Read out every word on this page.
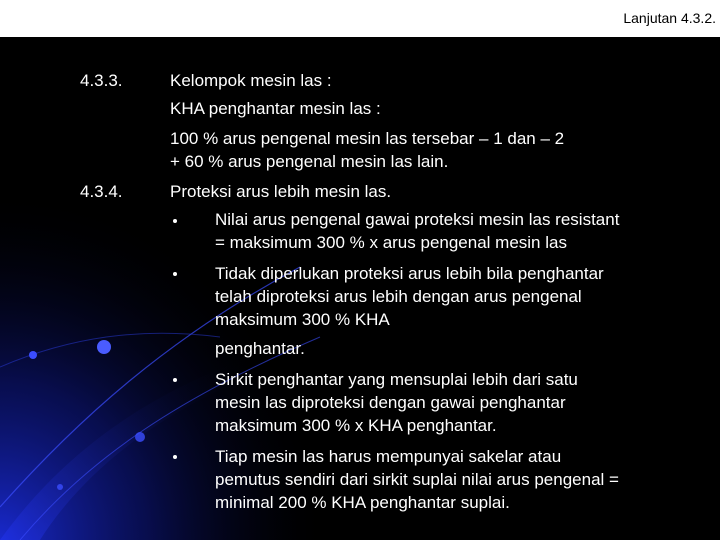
Lanjutan 4.3.2.
4.3.3.	Kelompok mesin las :
KHA penghantar mesin las :
100 % arus pengenal mesin las tersebar – 1 dan – 2
+ 60 % arus pengenal mesin las lain.
4.3.4.	Proteksi arus lebih mesin las.
Nilai arus pengenal gawai proteksi mesin las resistant
= maksimum 300 % x arus pengenal mesin las
Tidak diperlukan proteksi arus lebih bila penghantar
telah diproteksi arus lebih dengan arus pengenal
maksimum 300 % KHA
penghantar.
Sirkit penghantar yang mensuplai lebih dari satu
mesin las diproteksi dengan gawai penghantar
maksimum 300 % x KHA penghantar.
Tiap mesin las harus mempunyai sakelar atau
pemutus sendiri dari sirkit suplai nilai arus pengenal =
minimal 200 % KHA penghantar suplai.
